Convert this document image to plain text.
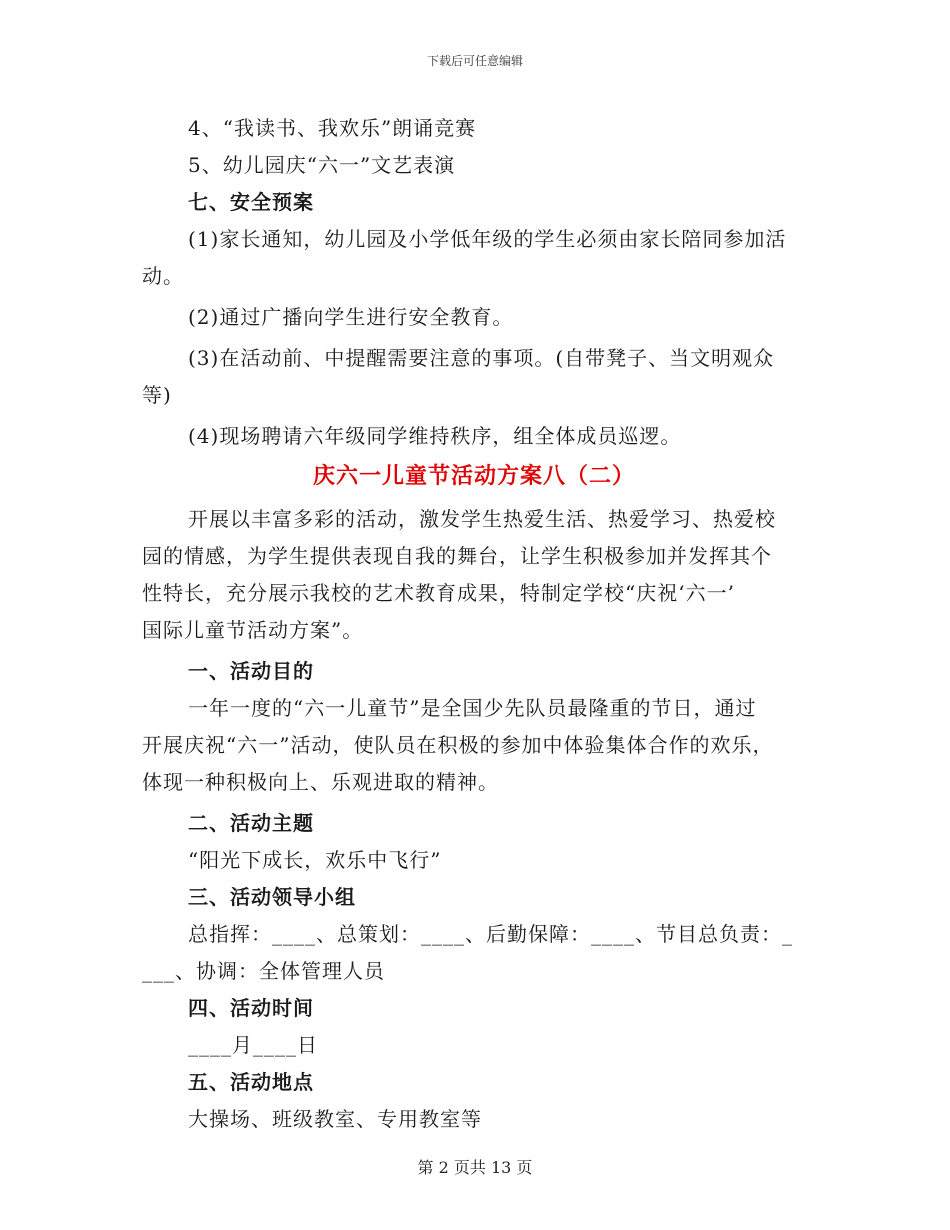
下载后可任意编辑
4、“我读书、我欢乐”朗诵竞赛
5、幼儿园庆“六一”文艺表演
七、安全预案
(1)家长通知，幼儿园及小学低年级的学生必须由家长陪同参加活
动。
(2)通过广播向学生进行安全教育。
(3)在活动前、中提醒需要注意的事项。(自带凳子、当文明观众
等)
(4)现场聘请六年级同学维持秩序，组全体成员巡逻。
庆六一儿童节活动方案八（二）
开展以丰富多彩的活动，激发学生热爱生活、热爱学习、热爱校
园的情感，为学生提供表现自我的舞台，让学生积极参加并发挥其个
性特长，充分展示我校的艺术教育成果，特制定学校“庆祝‘六一’
国际儿童节活动方案”。
一、活动目的
一年一度的“六一儿童节”是全国少先队员最隆重的节日，通过
开展庆祝“六一”活动，使队员在积极的参加中体验集体合作的欢乐，
体现一种积极向上、乐观进取的精神。
二、活动主题
“阳光下成长，欢乐中飞行”
三、活动领导小组
总指挥：____、总策划：____、后勤保障：____、节目总负责：_
___、协调：全体管理人员
四、活动时间
____月____日
五、活动地点
大操场、班级教室、专用教室等
第 2 页共 13 页
